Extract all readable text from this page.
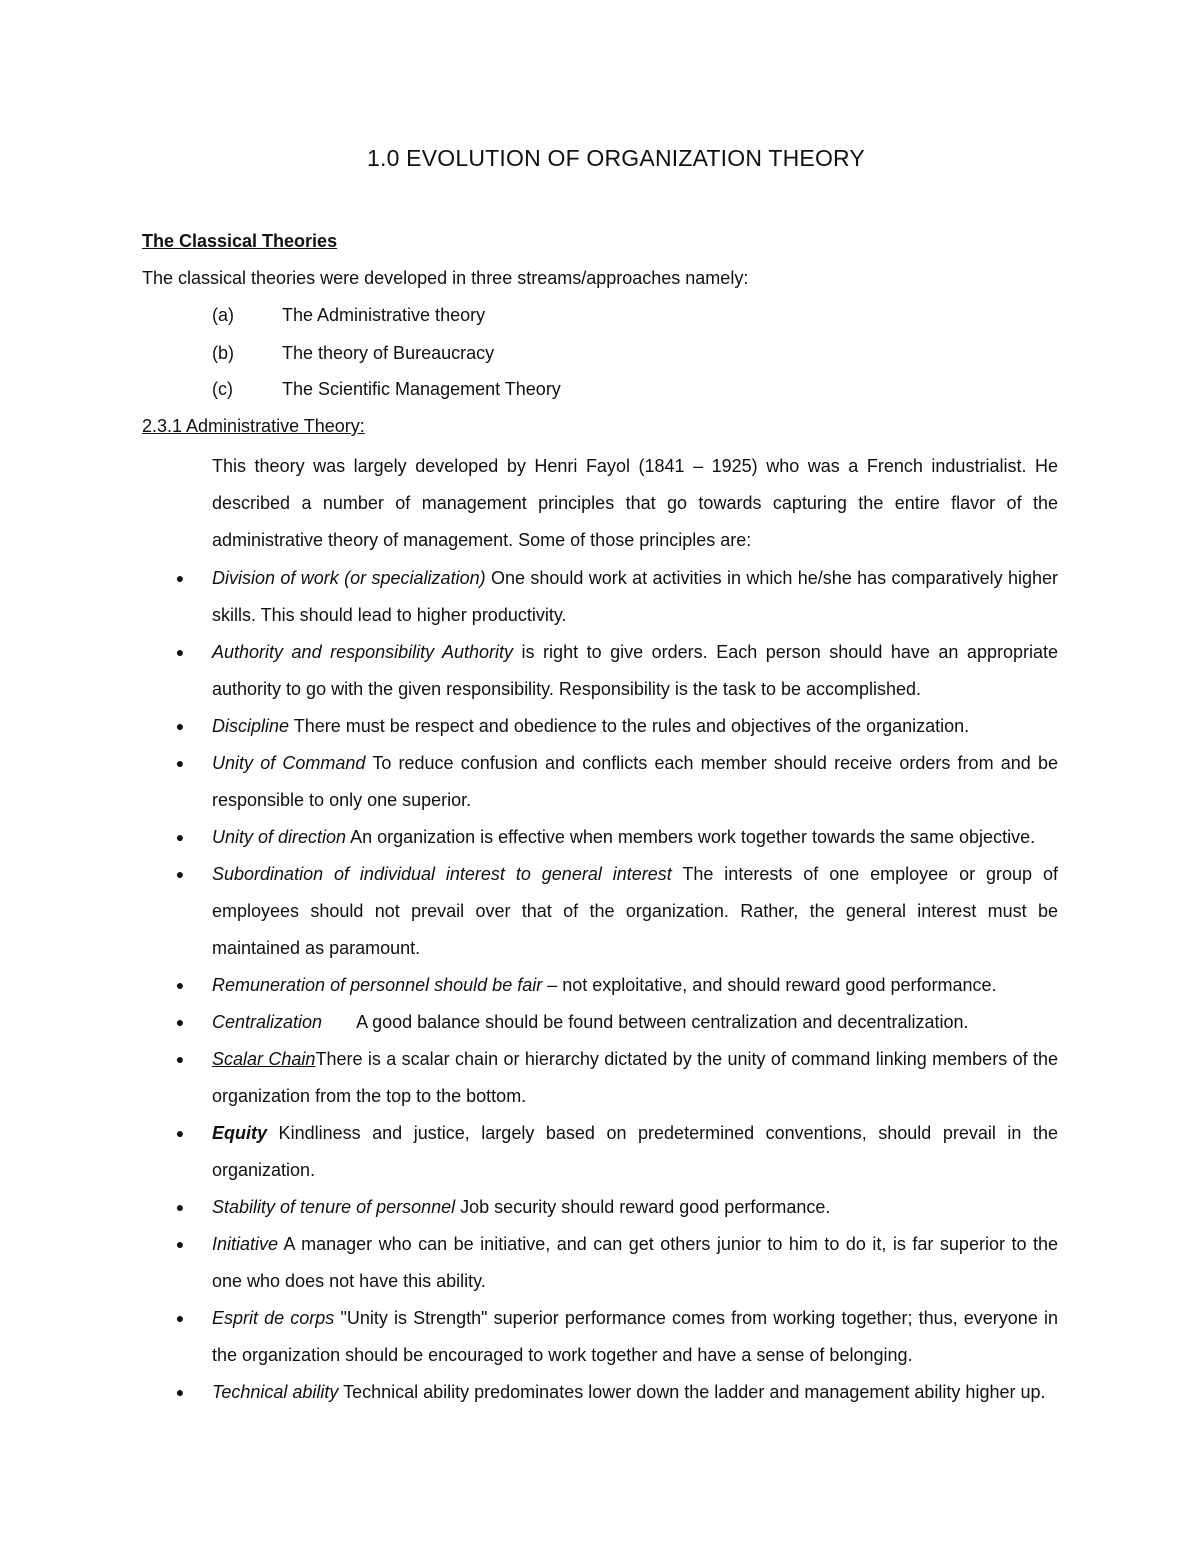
1.0 EVOLUTION OF ORGANIZATION THEORY
The Classical Theories
The classical theories were developed in three streams/approaches namely:
(a)	The Administrative theory
(b)	The theory of Bureaucracy
(c)	The Scientific Management Theory
2.3.1 Administrative Theory:
This theory was largely developed by Henri Fayol (1841 – 1925) who was a French industrialist. He described a number of management principles that go towards capturing the entire flavor of the administrative theory of management. Some of those principles are:
● Division of work (or specialization) One should work at activities in which he/she has comparatively higher skills. This should lead to higher productivity.
● Authority and responsibility Authority is right to give orders. Each person should have an appropriate authority to go with the given responsibility. Responsibility is the task to be accomplished.
● Discipline There must be respect and obedience to the rules and objectives of the organization.
● Unity of Command To reduce confusion and conflicts each member should receive orders from and be responsible to only one superior.
● Unity of direction An organization is effective when members work together towards the same objective.
● Subordination of individual interest to general interest The interests of one employee or group of employees should not prevail over that of the organization. Rather, the general interest must be maintained as paramount.
● Remuneration of personnel should be fair – not exploitative, and should reward good performance.
● Centralization A good balance should be found between centralization and decentralization.
● Scalar ChainThere is a scalar chain or hierarchy dictated by the unity of command linking members of the organization from the top to the bottom.
● Equity Kindliness and justice, largely based on predetermined conventions, should prevail in the organization.
● Stability of tenure of personnel Job security should reward good performance.
● Initiative A manager who can be initiative, and can get others junior to him to do it, is far superior to the one who does not have this ability.
● Esprit de corps "Unity is Strength" superior performance comes from working together; thus, everyone in the organization should be encouraged to work together and have a sense of belonging.
● Technical ability Technical ability predominates lower down the ladder and management ability higher up.
